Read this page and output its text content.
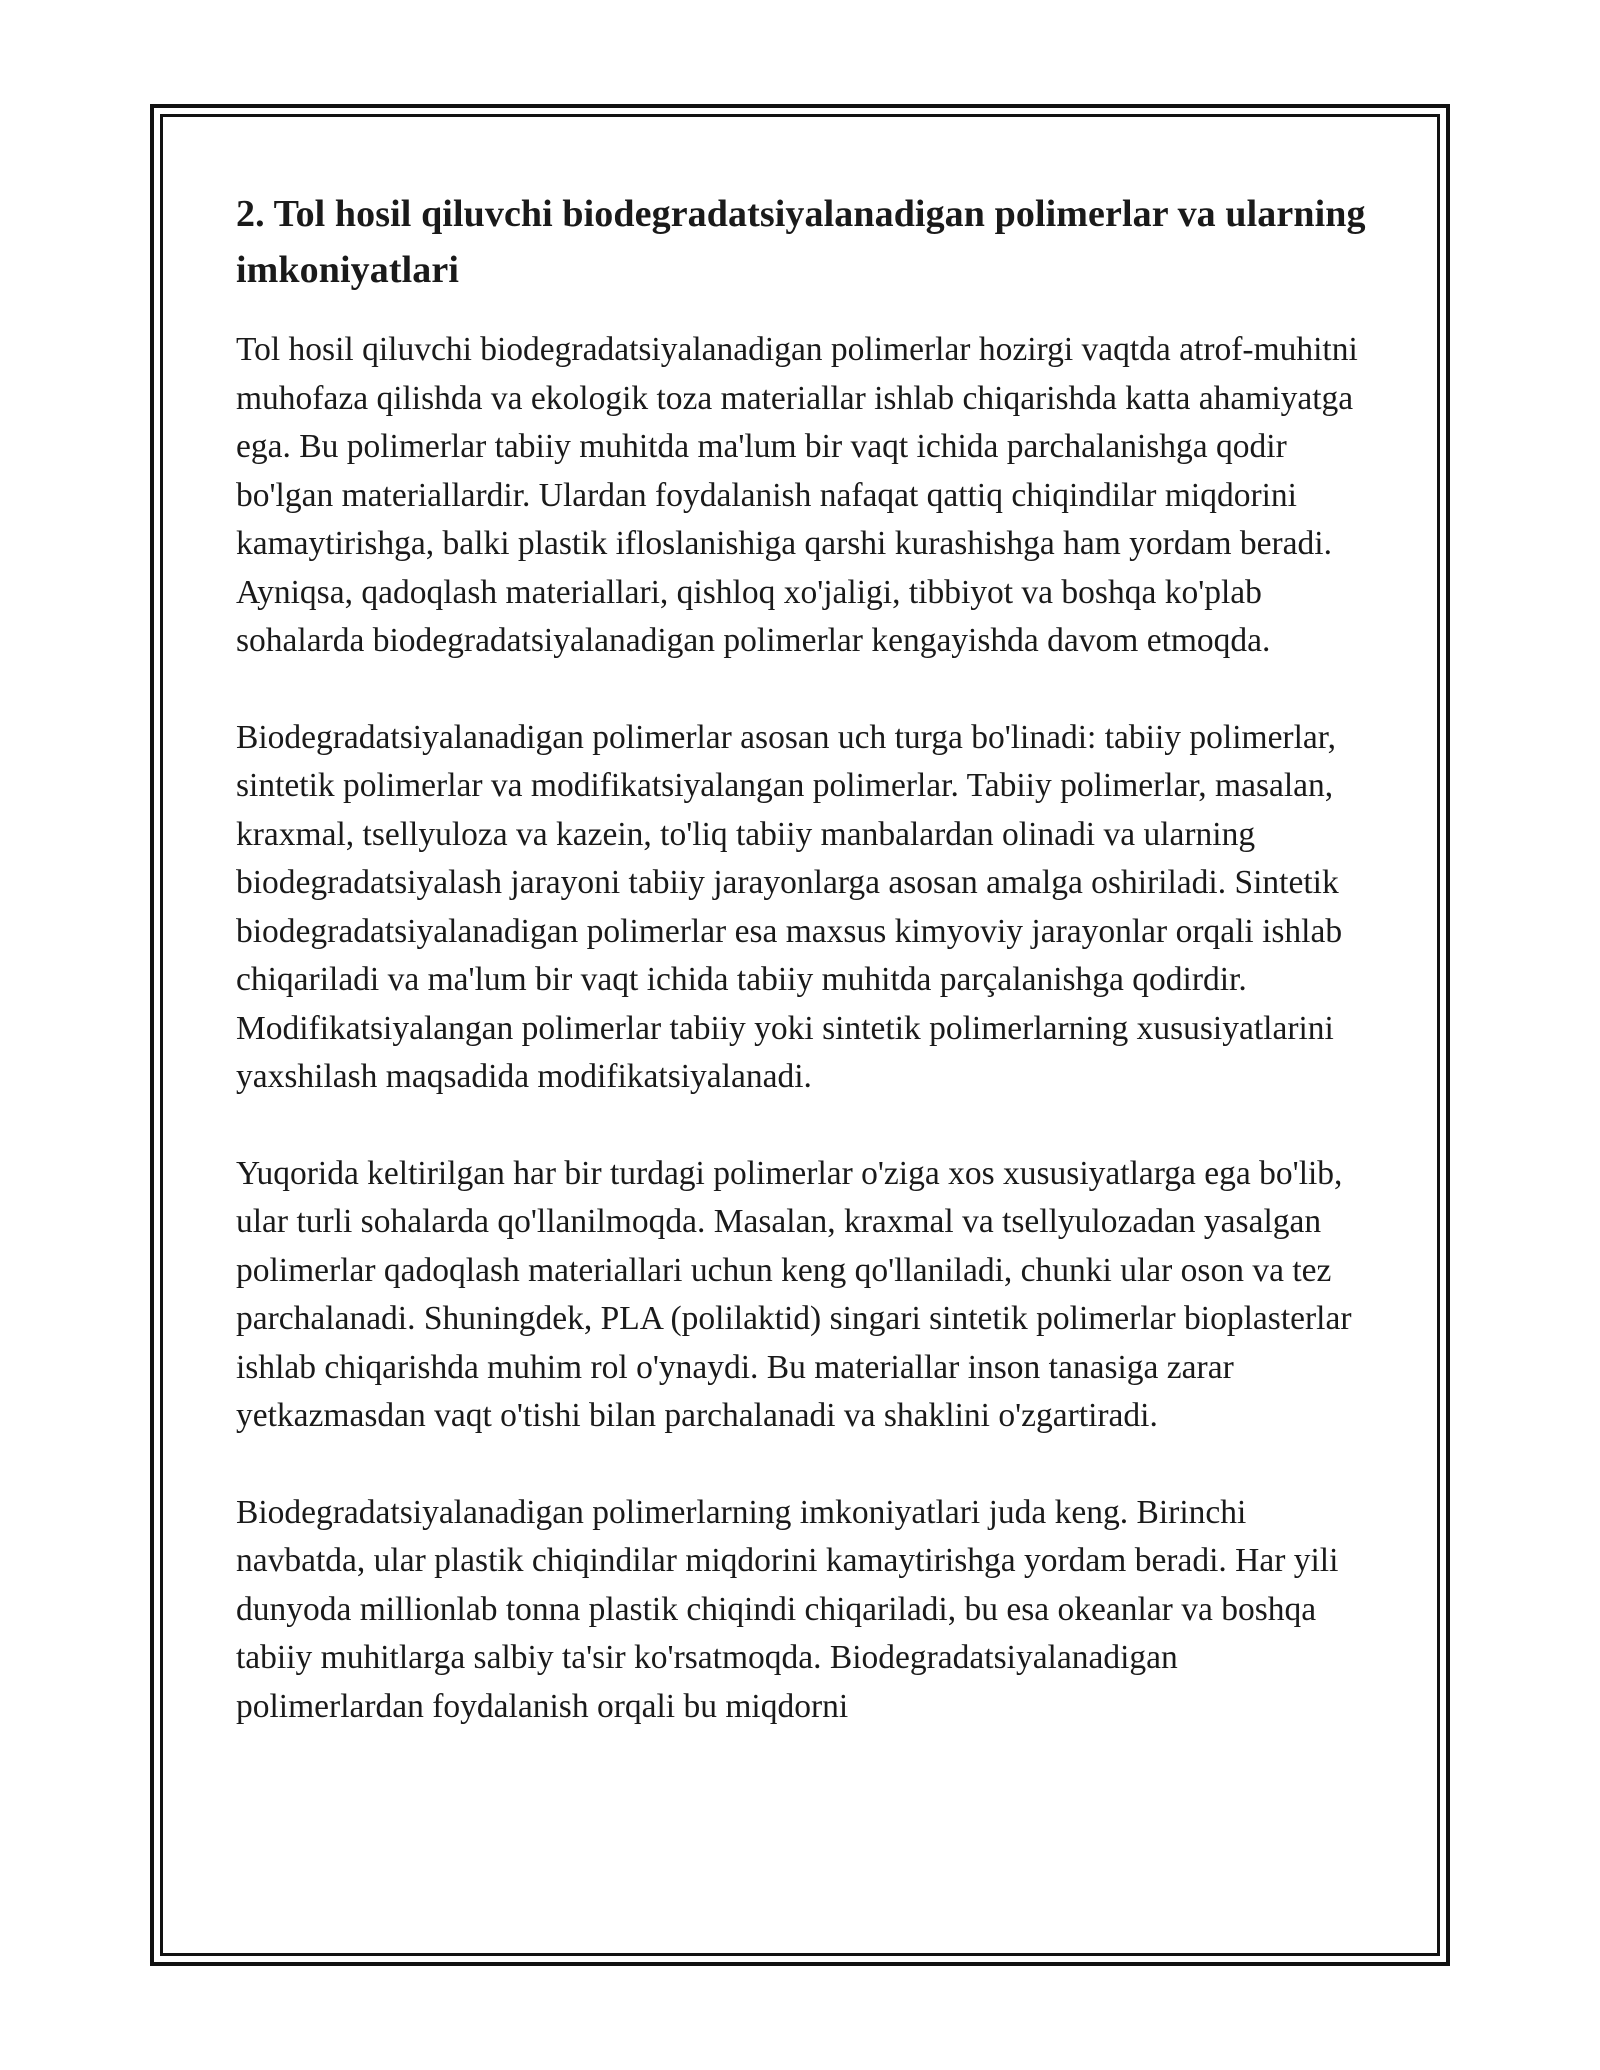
2. Tol hosil qiluvchi biodegradatsiyalanadigan polimerlar va ularning imkoniyatlari

Tol hosil qiluvchi biodegradatsiyalanadigan polimerlar hozirgi vaqtda atrof-muhitni muhofaza qilishda va ekologik toza materiallar ishlab chiqarishda katta ahamiyatga ega. Bu polimerlar tabiiy muhitda ma'lum bir vaqt ichida parchalanishga qodir bo'lgan materiallardir. Ulardan foydalanish nafaqat qattiq chiqindilar miqdorini kamaytirishga, balki plastik ifloslanishiga qarshi kurashishga ham yordam beradi. Ayniqsa, qadoqlash materiallari, qishloq xo'jaligi, tibbiyot va boshqa ko'plab sohalarda biodegradatsiyalanadigan polimerlar kengayishda davom etmoqda.

Biodegradatsiyalanadigan polimerlar asosan uch turga bo'linadi: tabiiy polimerlar, sintetik polimerlar va modifikatsiyalangan polimerlar. Tabiiy polimerlar, masalan, kraxmal, tsellyuloza va kazein, to'liq tabiiy manbalardan olinadi va ularning biodegradatsiyalash jarayoni tabiiy jarayonlarga asosan amalga oshiriladi. Sintetik biodegradatsiyalanadigan polimerlar esa maxsus kimyoviy jarayonlar orqali ishlab chiqariladi va ma'lum bir vaqt ichida tabiiy muhitda parçalanishga qodirdir. Modifikatsiyalangan polimerlar tabiiy yoki sintetik polimerlarning xususiyatlarini yaxshilash maqsadida modifikatsiyalanadi.

Yuqorida keltirilgan har bir turdagi polimerlar o'ziga xos xususiyatlarga ega bo'lib, ular turli sohalarda qo'llanilmoqda. Masalan, kraxmal va tsellyulozadan yasalgan polimerlar qadoqlash materiallari uchun keng qo'llaniladi, chunki ular oson va tez parchalanadi. Shuningdek, PLA (polilaktid) singari sintetik polimerlar bioplasterlar ishlab chiqarishda muhim rol o'ynaydi. Bu materiallar inson tanasiga zarar yetkazmasdan vaqt o'tishi bilan parchalanadi va shaklini o'zgartiradi.

Biodegradatsiyalanadigan polimerlarning imkoniyatlari juda keng. Birinchi navbatda, ular plastik chiqindilar miqdorini kamaytirishga yordam beradi. Har yili dunyoda millionlab tonna plastik chiqindi chiqariladi, bu esa okeanlar va boshqa tabiiy muhitlarga salbiy ta'sir ko'rsatmoqda. Biodegradatsiyalanadigan polimerlardan foydalanish orqali bu miqdorni
